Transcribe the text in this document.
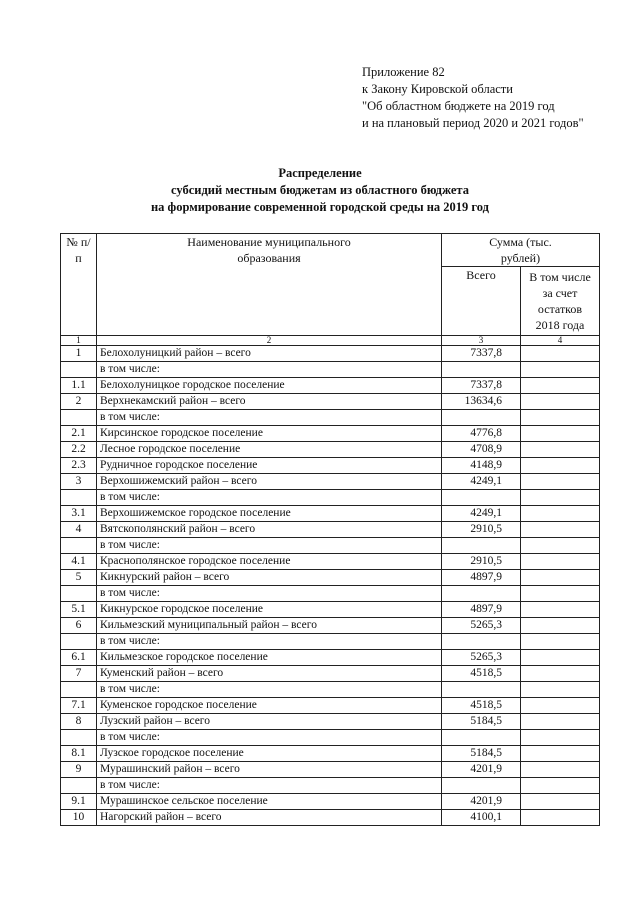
Приложение 82
к Закону Кировской области
"Об областном бюджете на 2019 год
и на плановый период 2020 и 2021 годов"
Распределение
субсидий местным бюджетам из областного бюджета
на формирование современной городской среды на 2019 год
№ п/п	Наименование муниципального образования	Сумма (тыс. рублей)	
		Всего	В том числе за счет остатков 2018 года
1	2	3	4
1	Белохолуницкий район – всего	7337,8	
	в том числе:		
1.1	Белохолуницкое городское поселение	7337,8	
2	Верхнекамский район – всего	13634,6	
	в том числе:		
2.1	Кирсинское городское поселение	4776,8	
2.2	Лесное городское поселение	4708,9	
2.3	Рудничное городское поселение	4148,9	
3	Верхошижемский район – всего	4249,1	
	в том числе:		
3.1	Верхошижемское городское поселение	4249,1	
4	Вятскополянский район – всего	2910,5	
	в том числе:		
4.1	Краснополянское городское поселение	2910,5	
5	Кикнурский район – всего	4897,9	
	в том числе:		
5.1	Кикнурское городское поселение	4897,9	
6	Кильмезский муниципальный район – всего	5265,3	
	в том числе:		
6.1	Кильмезское городское поселение	5265,3	
7	Куменский район – всего	4518,5	
	в том числе:		
7.1	Куменское городское поселение	4518,5	
8	Лузский район – всего	5184,5	
	в том числе:		
8.1	Лузское городское поселение	5184,5	
9	Мурашинский район – всего	4201,9	
	в том числе:		
9.1	Мурашинское сельское поселение	4201,9	
10	Нагорский район – всего	4100,1	
